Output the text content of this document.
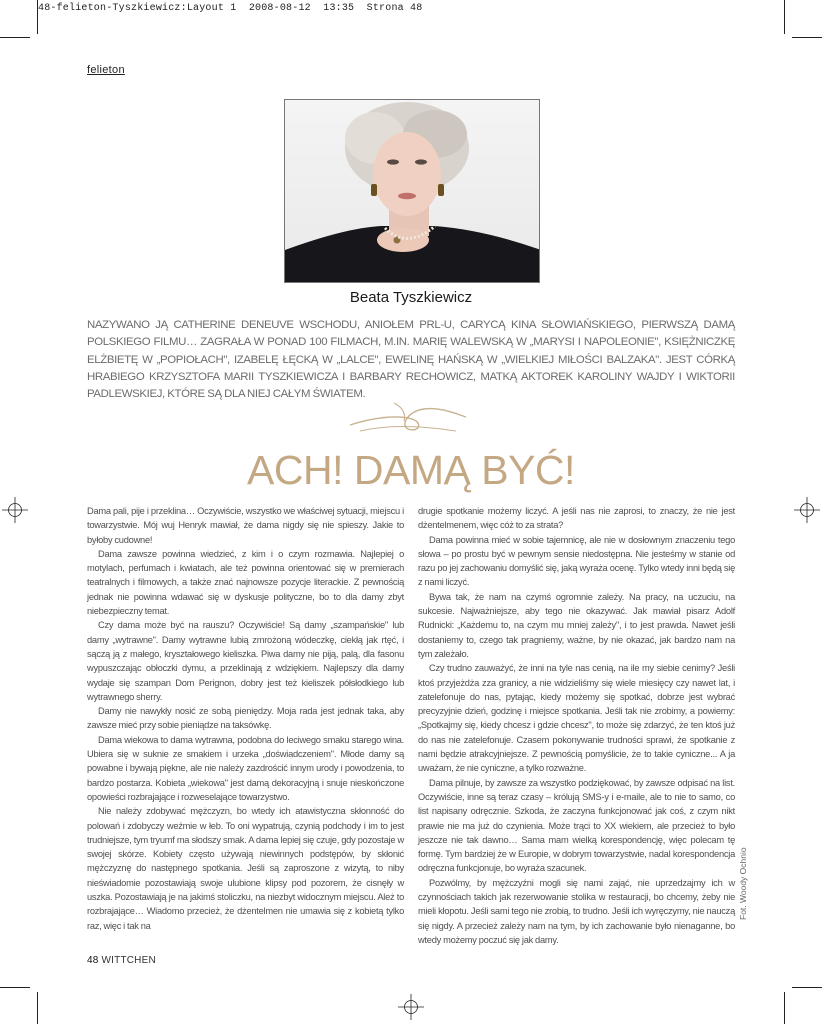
48-felieton-Tyszkiewicz:Layout 1  2008-08-12  13:35  Strona 48
felieton
Beata Tyszkiewicz
NAZYWANO JĄ CATHERINE DENEUVE WSCHODU, ANIOŁEM PRL-U, CARYCĄ KINA SŁOWIAŃSKIEGO, PIERWSZĄ DAMĄ POLSKIEGO FILMU… ZAGRAŁA W PONAD 100 FILMACH, M.IN. MARIĘ WALEWSKĄ W „MARYSI I NAPOLEONIE", KSIĘŻNICZKĘ ELŻBIETĘ W „POPIOŁACH", IZABELĘ ŁĘCKĄ W „LALCE", EWELINĘ HAŃSKĄ W „WIELKIEJ MIŁOŚCI BALZAKA". JEST CÓRKĄ HRABIEGO KRZYSZTOFA MARII TYSZKIEWICZA I BARBARY RECHOWICZ, MATKĄ AKTOREK KAROLINY WAJDY I WIKTORII PADLEWSKIEJ, KTÓRE SĄ DLA NIEJ CAŁYM ŚWIATEM.
ACH! DAMĄ BYĆ!

Dama pali, pije i przeklina… Oczywiście, wszystko we właściwej sytuacji, miejscu i towarzystwie. Mój wuj Henryk mawiał, że dama nigdy się nie spieszy. Jakie to byłoby cudowne!

Dama zawsze powinna wiedzieć, z kim i o czym rozmawia. Najlepiej o motylach, perfumach i kwiatach, ale też powinna orientować się w premierach teatralnych i filmowych, a także znać najnowsze pozycje literackie. Z pewnością jednak nie powinna wdawać się w dyskusje polityczne, bo to dla damy zbyt niebezpieczny temat.

Czy dama może być na rauszu? Oczywiście! Są damy „szampańskie" lub damy „wytrawne". Damy wytrawne lubią zmrożoną wódeczkę, ciekłą jak rtęć, i sączą ją z małego, kryształowego kieliszka. Piwa damy nie piją, palą, dla fasonu wypuszczając obłoczki dymu, a przeklinają z wdziękiem. Najlepszy dla damy wydaje się szampan Dom Perignon, dobry jest też kieliszek półsłodkiego lub wytrawnego sherry.

Damy nie nawykły nosić ze sobą pieniędzy. Moja rada jest jednak taka, aby zawsze mieć przy sobie pieniądze na taksówkę.

Dama wiekowa to dama wytrawna, podobna do leciwego smaku starego wina. Ubiera się w suknie ze smakiem i urzeka „doświadczeniem". Młode damy są powabne i bywają piękne, ale nie należy zazdrościć innym urody i powodzenia, to bardzo postarza. Kobieta „wiekowa" jest damą dekoracyjną i snuje nieskończone opowieści rozbrajające i rozweselające towarzystwo.

Nie należy zdobywać mężczyzn, bo wtedy ich atawistyczna skłonność do polowań i zdobyczy weźmie w łeb. To oni wypatrują, czynią podchody i im to jest trudniejsze, tym tryumf ma słodszy smak. A dama lepiej się czuje, gdy pozostaje w swojej skórze. Kobiety często używają niewinnych podstępów, by skłonić mężczyznę do następnego spotkania. Jeśli są zaproszone z wizytą, to niby nieświadomie pozostawiają swoje ulubione klipsy pod pozorem, że cisnęły w uszka. Pozostawiają je na jakimś stoliczku, na niezbyt widocznym miejscu. Ależ to rozbrajające… Wiadomo przecież, że dżentelmen nie umawia się z kobietą tylko raz, więc i tak na

drugie spotkanie możemy liczyć. A jeśli nas nie zaprosi, to znaczy, że nie jest dżentelmenem, więc cóż to za strata?

Dama powinna mieć w sobie tajemnicę, ale nie w dosłownym znaczeniu tego słowa – po prostu być w pewnym sensie niedostępna. Nie jesteśmy w stanie od razu po jej zachowaniu domyślić się, jaką wyraża ocenę. Tylko wtedy inni będą się z nami liczyć.

Bywa tak, że nam na czymś ogromnie zależy. Na pracy, na uczuciu, na sukcesie. Najważniejsze, aby tego nie okazywać. Jak mawiał pisarz Adolf Rudnicki: „Każdemu to, na czym mu mniej zależy", i to jest prawda. Nawet jeśli dostaniemy to, czego tak pragniemy, ważne, by nie okazać, jak bardzo nam na tym zależało.

Czy trudno zauważyć, że inni na tyle nas cenią, na ile my siebie cenimy? Jeśli ktoś przyjeżdża zza granicy, a nie widzieliśmy się wiele miesięcy czy nawet lat, i zatelefonuje do nas, pytając, kiedy możemy się spotkać, dobrze jest wybrać precyzyjnie dzień, godzinę i miejsce spotkania. Jeśli tak nie zrobimy, a powiemy: „Spotkajmy się, kiedy chcesz i gdzie chcesz", to może się zdarzyć, że ten ktoś już do nas nie zatelefonuje. Czasem pokonywanie trudności sprawi, że spotkanie z nami będzie atrakcyjniejsze. Z pewnością pomyślicie, że to takie cyniczne... A ja uważam, że nie cyniczne, a tylko rozważne.

Dama pilnuje, by zawsze za wszystko podziękować, by zawsze odpisać na list. Oczywiście, inne są teraz czasy – królują SMS-y i e-maile, ale to nie to samo, co list napisany odręcznie. Szkoda, że zaczyna funkcjonować jak coś, z czym nikt prawie nie ma już do czynienia. Może trąci to XX wiekiem, ale przecież to było jeszcze nie tak dawno… Sama mam wielką korespondencję, więc polecam tę formę. Tym bardziej że w Europie, w dobrym towarzystwie, nadal korespondencja odręczna funkcjonuje, bo wyraża szacunek.

Pozwólmy, by mężczyźni mogli się nami zająć, nie uprzedzajmy ich w czynnościach takich jak rezerwowanie stolika w restauracji, bo chcemy, żeby nie mieli kłopotu. Jeśli sami tego nie zrobią, to trudno. Jeśli ich wyręczymy, nie nauczą się nigdy. A przecież zależy nam na tym, by ich zachowanie było nienaganne, bo wtedy możemy poczuć się jak damy.

Fot. Woody Ochnio
48 WITTCHEN
